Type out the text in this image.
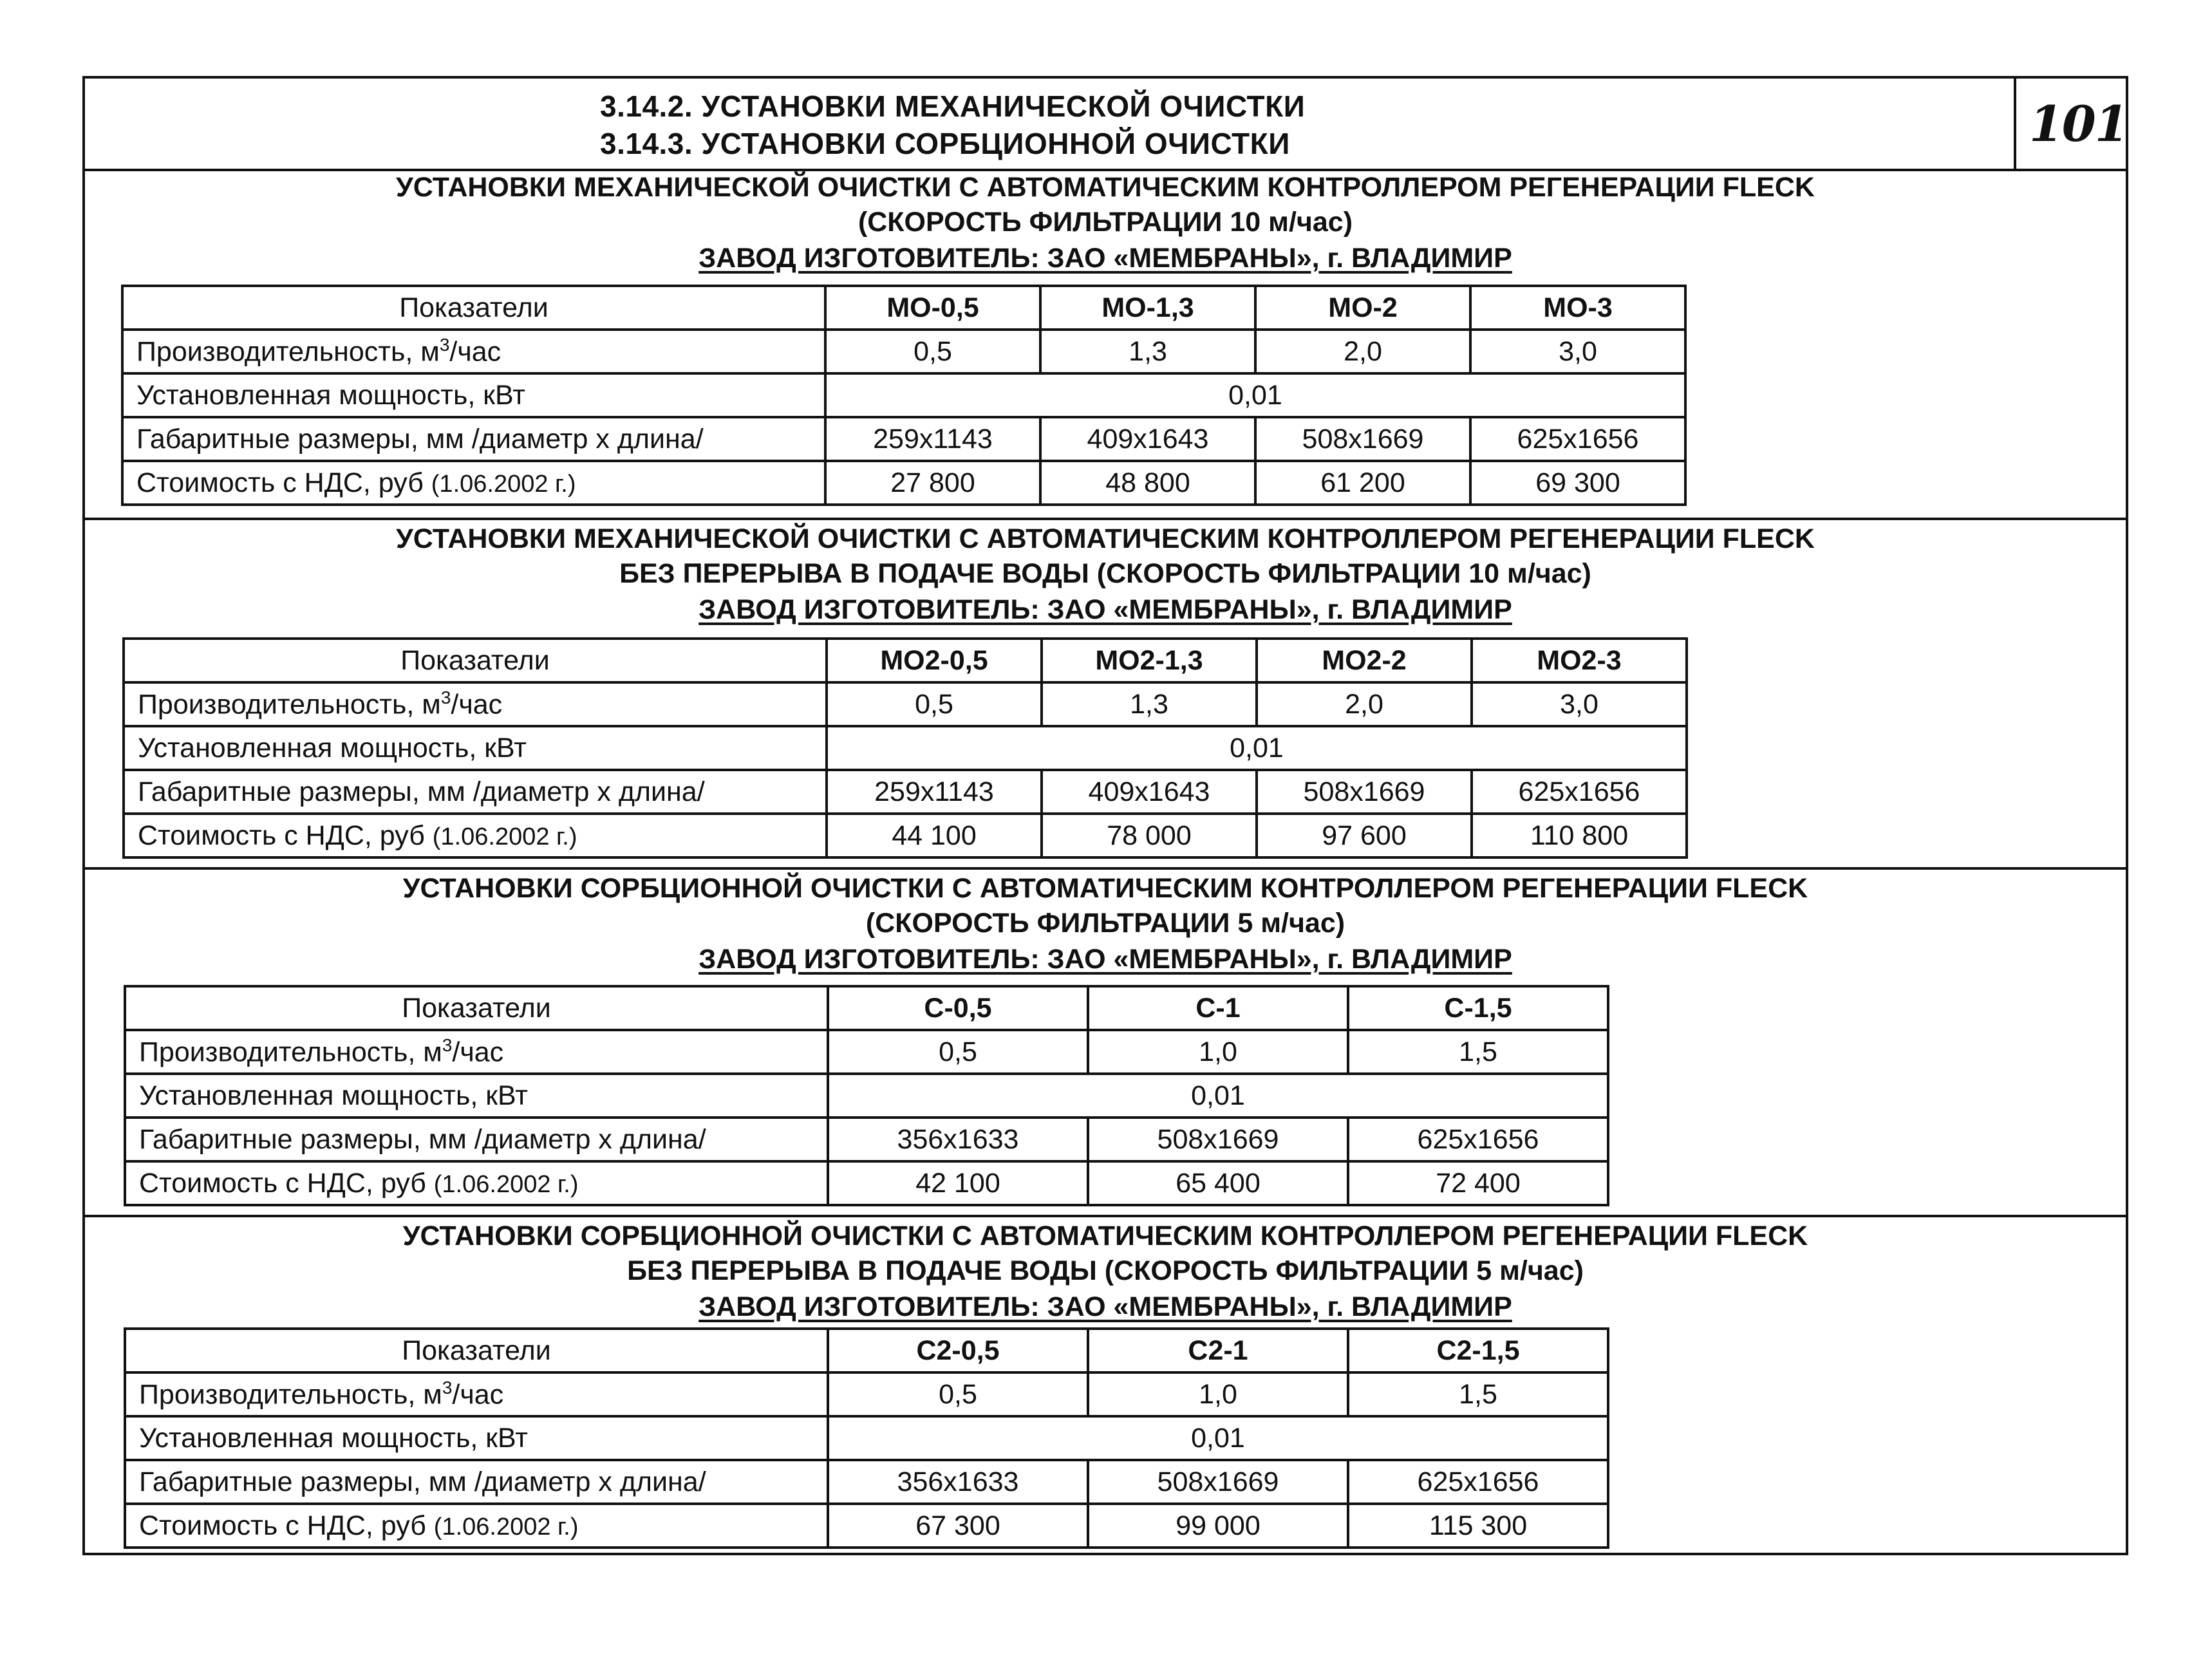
3.14.2. УСТАНОВКИ МЕХАНИЧЕСКОЙ ОЧИСТКИ
3.14.3. УСТАНОВКИ СОРБЦИОННОЙ ОЧИСТКИ	101
УСТАНОВКИ МЕХАНИЧЕСКОЙ ОЧИСТКИ С АВТОМАТИЧЕСКИМ КОНТРОЛЛЕРОМ РЕГЕНЕРАЦИИ FLECK
(СКОРОСТЬ ФИЛЬТРАЦИИ 10 м/час)
ЗАВОД ИЗГОТОВИТЕЛЬ: ЗАО «МЕМБРАНЫ», г. ВЛАДИМИР
Показатели	МО-0,5	МО-1,3	МО-2	МО-3
Производительность, $м^3$/час	0,5	1,3	2,0	3,0
Установленная мощность, кВт	0,01			
Габаритные размеры, мм /диаметр х длина/	259x1143	409x1643	508x1669	625x1656
Стоимость с НДС, руб (1.06.2002 г.)	27 800	48 800	61 200	69 300
УСТАНОВКИ МЕХАНИЧЕСКОЙ ОЧИСТКИ С АВТОМАТИЧЕСКИМ КОНТРОЛЛЕРОМ РЕГЕНЕРАЦИИ FLECK
БЕЗ ПЕРЕРЫВА В ПОДАЧЕ ВОДЫ (СКОРОСТЬ ФИЛЬТРАЦИИ 10 м/час)
ЗАВОД ИЗГОТОВИТЕЛЬ: ЗАО «МЕМБРАНЫ», г. ВЛАДИМИР
Показатели	МО2-0,5	МО2-1,3	МО2-2	МО2-3
Производительность, $м^3$/час	0,5	1,3	2,0	3,0
Установленная мощность, кВт	0,01			
Габаритные размеры, мм /диаметр х длина/	259x1143	409x1643	508x1669	625x1656
Стоимость с НДС, руб (1.06.2002 г.)	44 100	78 000	97 600	110 800
УСТАНОВКИ СОРБЦИОННОЙ ОЧИСТКИ С АВТОМАТИЧЕСКИМ КОНТРОЛЛЕРОМ РЕГЕНЕРАЦИИ FLECK
(СКОРОСТЬ ФИЛЬТРАЦИИ 5 м/час)
ЗАВОД ИЗГОТОВИТЕЛЬ: ЗАО «МЕМБРАНЫ», г. ВЛАДИМИР
Показатели	С-0,5	С-1	С-1,5
Производительность, $м^3$/час	0,5	1,0	1,5
Установленная мощность, кВт	0,01		
Габаритные размеры, мм /диаметр х длина/	356x1633	508x1669	625x1656
Стоимость с НДС, руб (1.06.2002 г.)	42 100	65 400	72 400
УСТАНОВКИ СОРБЦИОННОЙ ОЧИСТКИ С АВТОМАТИЧЕСКИМ КОНТРОЛЛЕРОМ РЕГЕНЕРАЦИИ FLECK
БЕЗ ПЕРЕРЫВА В ПОДАЧЕ ВОДЫ (СКОРОСТЬ ФИЛЬТРАЦИИ 5 м/час)
ЗАВОД ИЗГОТОВИТЕЛЬ: ЗАО «МЕМБРАНЫ», г. ВЛАДИМИР
Показатели	С2-0,5	С2-1	С2-1,5
Производительность, $м^3$/час	0,5	1,0	1,5
Установленная мощность, кВт	0,01		
Габаритные размеры, мм /диаметр х длина/	356x1633	508x1669	625x1656
Стоимость с НДС, руб (1.06.2002 г.)	67 300	99 000	115 300
